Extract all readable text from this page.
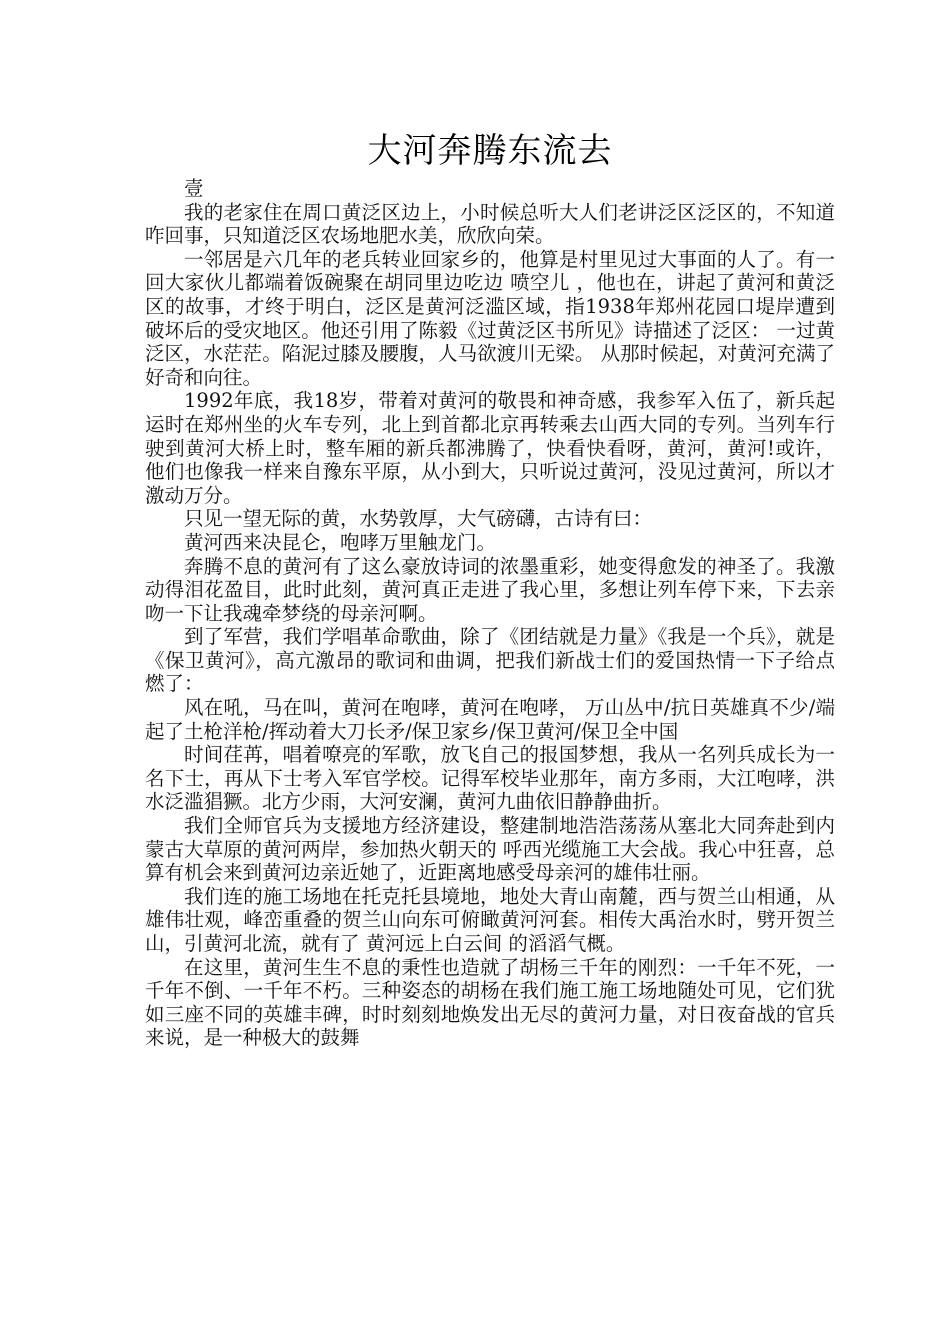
大河奔腾东流去

壹

我的老家住在周口黄泛区边上，小时候总听大人们老讲泛区泛区的，不知道咋回事，只知道泛区农场地肥水美，欣欣向荣。

一邻居是六几年的老兵转业回家乡的，他算是村里见过大事面的人了。有一回大家伙儿都端着饭碗聚在胡同里边吃边 喷空儿 ，他也在，讲起了黄河和黄泛区的故事，才终于明白，泛区是黄河泛滥区域，指1938年郑州花园口堤岸遭到破坏后的受灾地区。他还引用了陈毅《过黄泛区书所见》诗描述了泛区： 一过黄泛区，水茫茫。陷泥过膝及腰腹，人马欲渡川无梁。 从那时候起，对黄河充满了好奇和向往。

1992年底，我18岁，带着对黄河的敬畏和神奇感，我参军入伍了，新兵起运时在郑州坐的火车专列，北上到首都北京再转乘去山西大同的专列。当列车行驶到黄河大桥上时，整车厢的新兵都沸腾了，快看快看呀，黄河，黄河!或许，他们也像我一样来自豫东平原，从小到大，只听说过黄河，没见过黄河，所以才激动万分。

只见一望无际的黄，水势敦厚，大气磅礴，古诗有曰：

黄河西来决昆仑，咆哮万里触龙门。

奔腾不息的黄河有了这么豪放诗词的浓墨重彩，她变得愈发的神圣了。我激动得泪花盈目，此时此刻，黄河真正走进了我心里，多想让列车停下来，下去亲吻一下让我魂牵梦绕的母亲河啊。

到了军营，我们学唱革命歌曲，除了《团结就是力量》《我是一个兵》，就是《保卫黄河》，高亢激昂的歌词和曲调，把我们新战士们的爱国热情一下子给点燃了：

风在吼，马在叫，黄河在咆哮，黄河在咆哮， 万山丛中/抗日英雄真不少/端起了土枪洋枪/挥动着大刀长矛/保卫家乡/保卫黄河/保卫全中国

时间荏苒，唱着嘹亮的军歌，放飞自己的报国梦想，我从一名列兵成长为一名下士，再从下士考入军官学校。记得军校毕业那年，南方多雨，大江咆哮，洪水泛滥猖獗。北方少雨，大河安澜，黄河九曲依旧静静曲折。

我们全师官兵为支援地方经济建设，整建制地浩浩荡荡从塞北大同奔赴到内蒙古大草原的黄河两岸，参加热火朝天的 呼西光缆施工大会战。我心中狂喜，总算有机会来到黄河边亲近她了，近距离地感受母亲河的雄伟壮丽。

我们连的施工场地在托克托县境地，地处大青山南麓，西与贺兰山相通，从雄伟壮观，峰峦重叠的贺兰山向东可俯瞰黄河河套。相传大禹治水时，劈开贺兰山，引黄河北流，就有了 黄河远上白云间 的滔滔气概。

在这里，黄河生生不息的秉性也造就了胡杨三千年的刚烈：一千年不死，一千年不倒、一千年不朽。三种姿态的胡杨在我们施工施工场地随处可见，它们犹如三座不同的英雄丰碑，时时刻刻地焕发出无尽的黄河力量，对日夜奋战的官兵来说，是一种极大的鼓舞
